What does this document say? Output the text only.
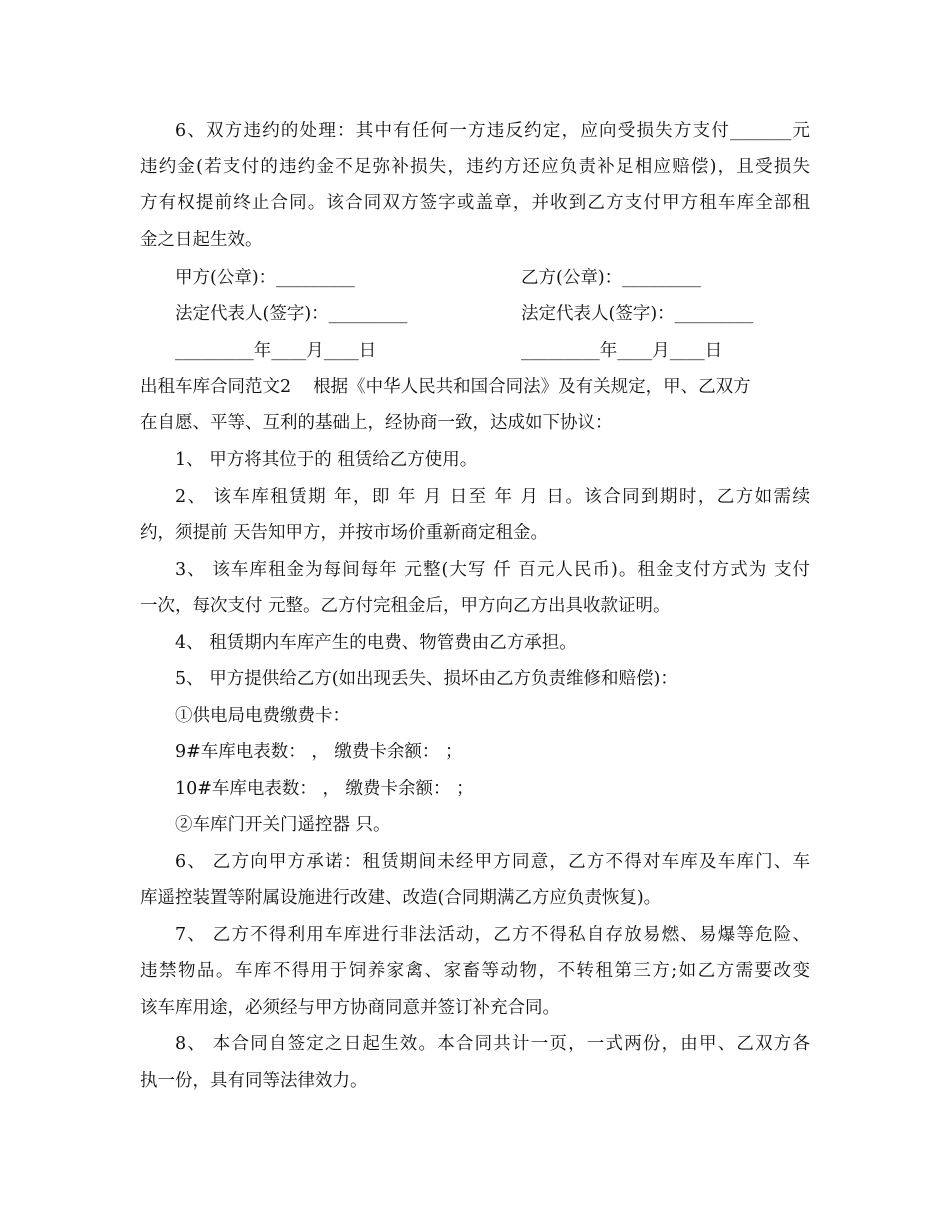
6、双方违约的处理：其中有任何一方违反约定，应向受损失方支付_______元
违约金(若支付的违约金不足弥补损失，违约方还应负责补足相应赔偿)，且受损失
方有权提前终止合同。该合同双方签字或盖章，并收到乙方支付甲方租车库全部租
金之日起生效。
甲方(公章)：_________	乙方(公章)：_________
法定代表人(签字)：_________	法定代表人(签字)：_________
_________年____月____日	_________年____月____日
出租车库合同范文2 根据《中华人民共和国合同法》及有关规定，甲、乙双方
在自愿、平等、互利的基础上，经协商一致，达成如下协议：
1、 甲方将其位于的 租赁给乙方使用。
2、 该车库租赁期 年，即 年 月 日至 年 月 日。该合同到期时，乙方如需续
约，须提前 天告知甲方，并按市场价重新商定租金。
3、 该车库租金为每间每年 元整(大写 仟 百元人民币)。租金支付方式为 支付
一次，每次支付 元整。乙方付完租金后，甲方向乙方出具收款证明。
4、 租赁期内车库产生的电费、物管费由乙方承担。
5、 甲方提供给乙方(如出现丢失、损坏由乙方负责维修和赔偿)：
①供电局电费缴费卡：
9#车库电表数： ， 缴费卡余额： ；
10#车库电表数： ， 缴费卡余额： ；
②车库门开关门遥控器 只。
6、 乙方向甲方承诺：租赁期间未经甲方同意，乙方不得对车库及车库门、车
库遥控装置等附属设施进行改建、改造(合同期满乙方应负责恢复)。
7、 乙方不得利用车库进行非法活动，乙方不得私自存放易燃、易爆等危险、
违禁物品。车库不得用于饲养家禽、家畜等动物，不转租第三方;如乙方需要改变
该车库用途，必须经与甲方协商同意并签订补充合同。
8、 本合同自签定之日起生效。本合同共计一页，一式两份，由甲、乙双方各
执一份，具有同等法律效力。
